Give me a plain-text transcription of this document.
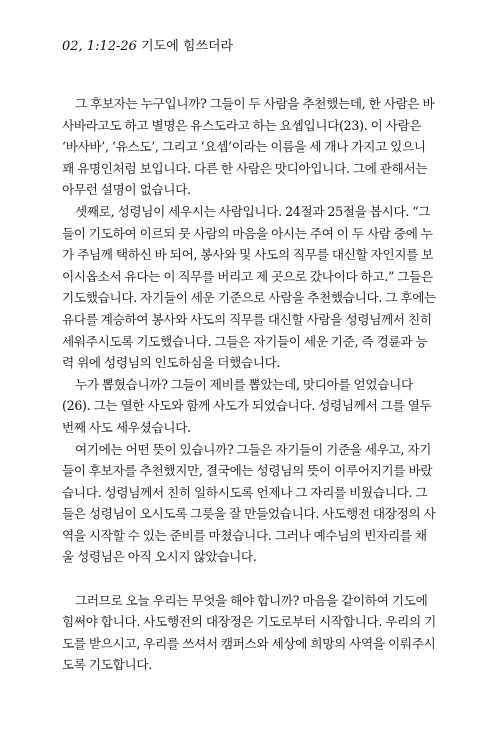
02, 1:12-26 기도에 힘쓰더라

그 후보자는 누구입니까? 그들이 두 사람을 추천했는데, 한 사람은 바사바라고도 하고 별명은 유스도라고 하는 요셉입니다(23). 이 사람은 ‘바사바’, ‘유스도’, 그리고 ‘요셉’이라는 이름을 세 개나 가지고 있으니 꽤 유명인처럼 보입니다. 다른 한 사람은 맛디아입니다. 그에 관해서는 아무런 설명이 없습니다.

셋째로, 성령님이 세우시는 사람입니다. 24절과 25절을 봅시다. “그들이 기도하여 이르되 뭇 사람의 마음을 아시는 주여 이 두 사람 중에 누가 주님께 택하신 바 되어, 봉사와 및 사도의 직무를 대신할 자인지를 보이시옵소서 유다는 이 직무를 버리고 제 곳으로 갔나이다 하고.” 그들은 기도했습니다. 자기들이 세운 기준으로 사람을 추천했습니다. 그 후에는 유다를 계승하여 봉사와 사도의 직무를 대신할 사람을 성령님께서 친히 세워주시도록 기도했습니다. 그들은 자기들이 세운 기준, 즉 경륜과 능력 위에 성령님의 인도하심을 더했습니다.

누가 뽑혔습니까? 그들이 제비를 뽑았는데, 맛디아를 얻었습니다(26). 그는 열한 사도와 함께 사도가 되었습니다. 성령님께서 그를 열두 번째 사도 세우셨습니다.

여기에는 어떤 뜻이 있습니까? 그들은 자기들이 기준을 세우고, 자기들이 후보자를 추천했지만, 결국에는 성령님의 뜻이 이루어지기를 바랐습니다. 성령님께서 친히 일하시도록 언제나 그 자리를 비웠습니다. 그들은 성령님이 오시도록 그릇을 잘 만들었습니다. 사도행전 대장정의 사역을 시작할 수 있는 준비를 마쳤습니다. 그러나 예수님의 빈자리를 채울 성령님은 아직 오시지 않았습니다.

그러므로 오늘 우리는 무엇을 해야 합니까? 마음을 같이하여 기도에 힘써야 합니다. 사도행전의 대장정은 기도로부터 시작합니다. 우리의 기도를 받으시고, 우리를 쓰셔서 캠퍼스와 세상에 희망의 사역을 이뤄주시도록 기도합니다.
